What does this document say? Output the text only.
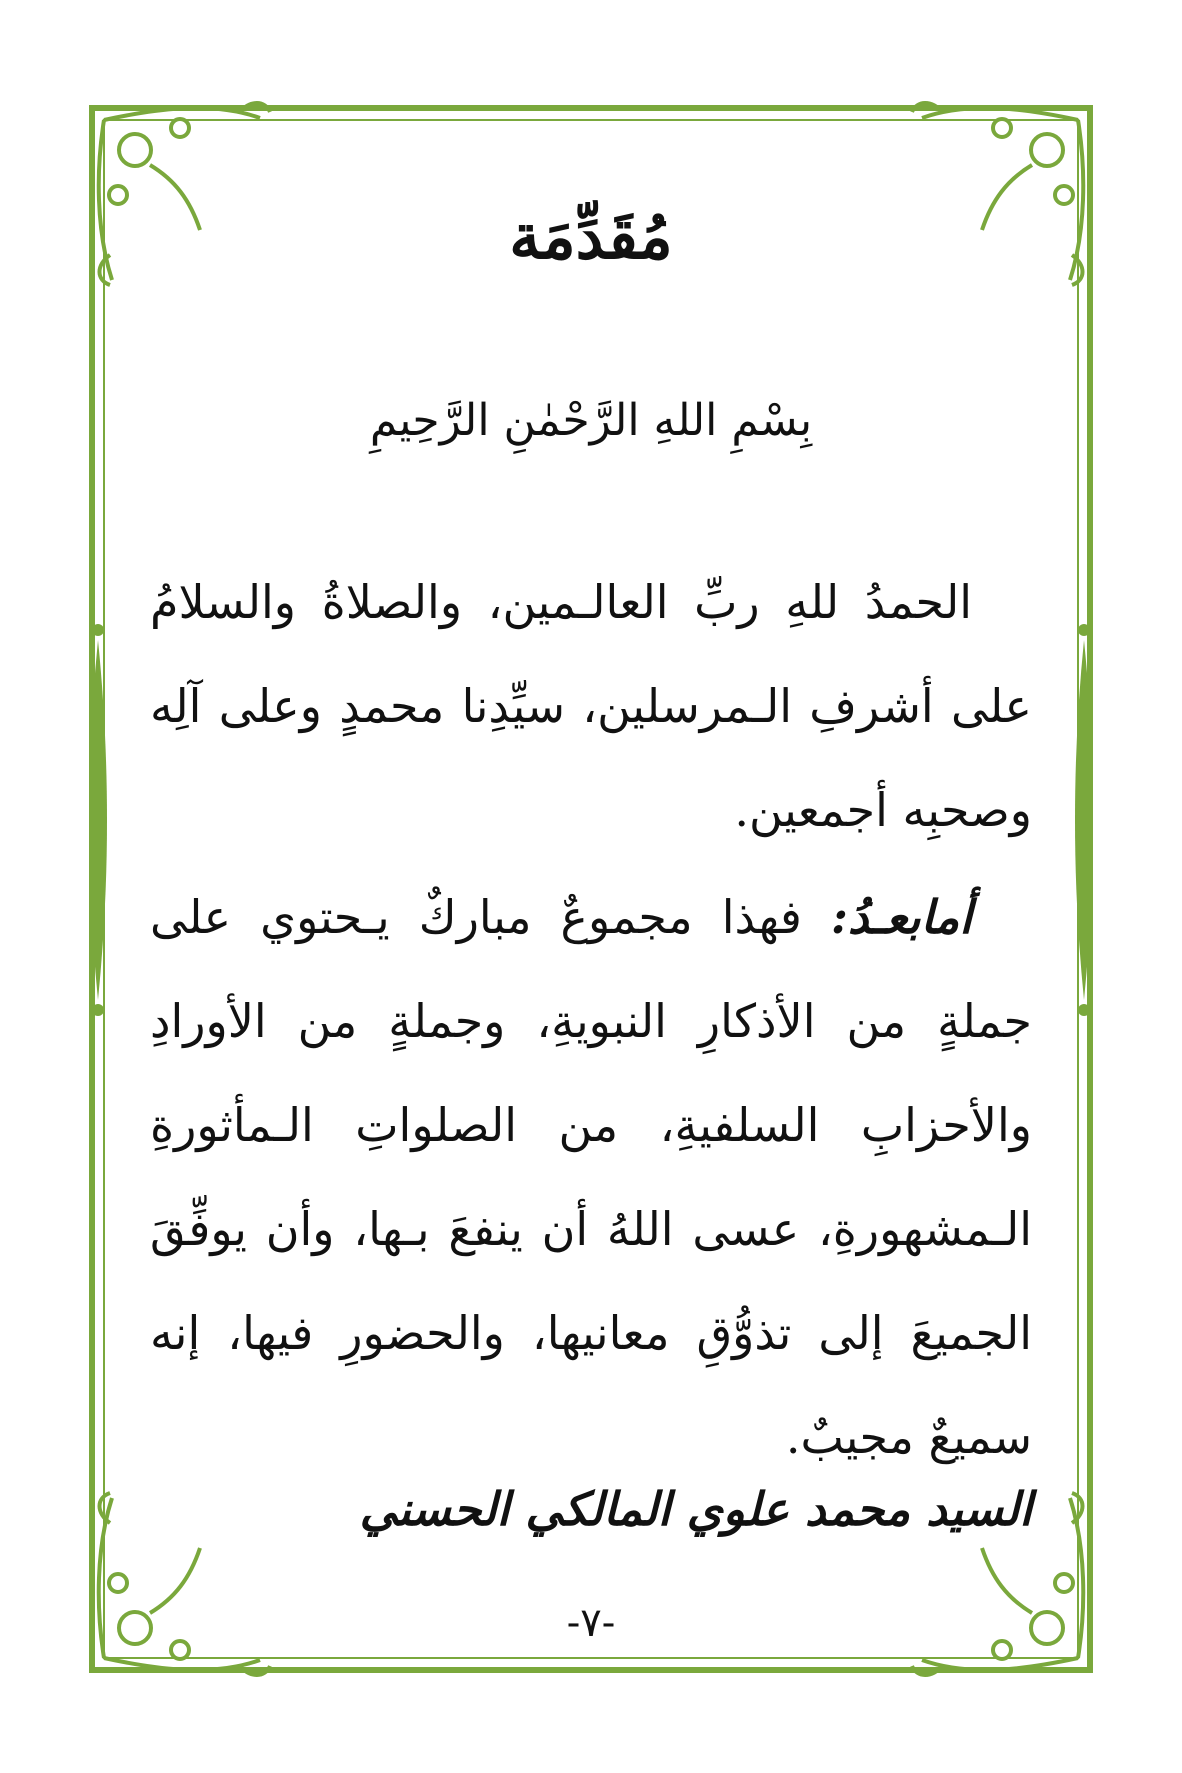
مُقَدِّمَة
بِسْمِ اللهِ الرَّحْمٰنِ الرَّحِيمِ
الحمدُ للهِ ربِّ العالـمين، والصلاةُ والسلامُ على أشرفِ الـمرسلين، سيِّدِنا محمدٍ وعلى آلِه وصحبِه أجمعين.
أمابعـدُ: فهذا مجموعٌ مباركٌ يـحتوي على جملةٍ من الأذكارِ النبويةِ، وجملةٍ من الأورادِ والأحزابِ السلفيةِ، من الصلواتِ الـمأثورةِ الـمشهورةِ، عسى اللهُ أن ينفعَ بـها، وأن يوفِّقَ الجميعَ إلى تذوُّقِ معانيها، والحضورِ فيها، إنه سميعٌ مجيبٌ.
السيد محمد علوي المالكي الحسني
-٧-
